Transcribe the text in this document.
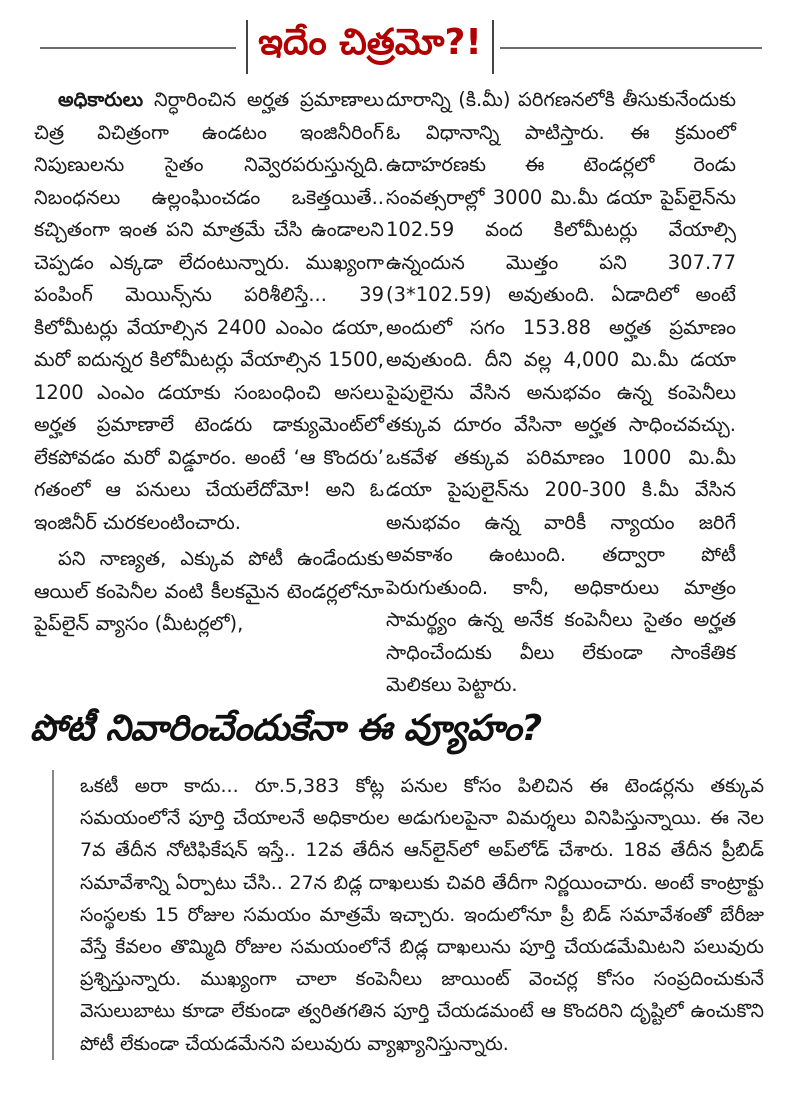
ఇదేం చిత్రమో?!

అధికారులు నిర్ధారించిన అర్హత ప్రమాణాలు చిత్ర విచిత్రంగా ఉండటం ఇంజినీరింగ్ నిపుణులను సైతం నివ్వెరపరుస్తున్నది. నిబంధనలు ఉల్లంఘించడం ఒకెత్తయితే.. కచ్చితంగా ఇంత పని మాత్రమే చేసి ఉండాలని చెప్పడం ఎక్కడా లేదంటున్నారు. ముఖ్యంగా పంపింగ్ మెయిన్స్‌ను పరిశీలిస్తే... 39 కిలోమీటర్లు వేయాల్సిన 2400 ఎంఎం డయా, మరో ఐదున్నర కిలోమీటర్లు వేయాల్సిన 1500, 1200 ఎంఎం డయాకు సంబంధించి అసలు అర్హత ప్రమాణాలే టెండరు డాక్యుమెంట్‌లో లేకపోవడం మరో విడ్డూరం. అంటే ‘ఆ కొందరు’ గతంలో ఆ పనులు చేయలేదోమో! అని ఓ ఇంజినీర్ చురకలంటించారు.

పని నాణ్యత, ఎక్కువ పోటీ ఉండేందుకు ఆయిల్ కంపెనీల వంటి కీలకమైన టెండర్లలోనూ పైప్‌లైన్ వ్యాసం (మీటర్లలో),

దూరాన్ని (కి.మీ) పరిగణనలోకి తీసుకునేందుకు ఓ విధానాన్ని పాటిస్తారు. ఈ క్రమంలో ఉదాహరణకు ఈ టెండర్లలో రెండు సంవత్సరాల్లో 3000 మి.మీ డయా పైప్‌లైన్‌ను 102.59 వంద కిలోమీటర్లు వేయాల్సి ఉన్నందున మొత్తం పని 307.77 (3*102.59) అవుతుంది. ఏడాదిలో అంటే అందులో సగం 153.88 అర్హత ప్రమాణం అవుతుంది. దీని వల్ల 4,000 మి.మీ డయా పైపులైను వేసిన అనుభవం ఉన్న కంపెనీలు తక్కువ దూరం వేసినా అర్హత సాధించవచ్చు. ఒకవేళ తక్కువ పరిమాణం 1000 మి.మీ డయా పైపులైన్‌ను 200-300 కి.మీ వేసిన అనుభవం ఉన్న వారికీ న్యాయం జరిగే అవకాశం ఉంటుంది. తద్వారా పోటీ పెరుగుతుంది. కానీ, అధికారులు మాత్రం సామర్థ్యం ఉన్న అనేక కంపెనీలు సైతం అర్హత సాధించేందుకు వీలు లేకుండా సాంకేతిక మెలికలు పెట్టారు.

పోటీ నివారించేందుకేనా ఈ వ్యూహం?

ఒకటీ అరా కాదు... రూ.5,383 కోట్ల పనుల కోసం పిలిచిన ఈ టెండర్లను తక్కువ సమయంలోనే పూర్తి చేయాలనే అధికారుల అడుగులపైనా విమర్శలు వినిపిస్తున్నాయి. ఈ నెల 7వ తేదీన నోటిఫికేషన్ ఇస్తే.. 12వ తేదీన ఆన్‌లైన్‌లో అప్‌లోడ్ చేశారు. 18వ తేదీన ప్రీబిడ్ సమావేశాన్ని ఏర్పాటు చేసి.. 27న బిడ్ల దాఖలుకు చివరి తేదీగా నిర్ణయించారు. అంటే కాంట్రాక్టు సంస్థలకు 15 రోజుల సమయం మాత్రమే ఇచ్చారు. ఇందులోనూ ప్రీ బిడ్ సమావేశంతో బేరీజు వేస్తే కేవలం తొమ్మిది రోజుల సమయంలోనే బిడ్ల దాఖలును పూర్తి చేయడమేమిటని పలువురు ప్రశ్నిస్తున్నారు. ముఖ్యంగా చాలా కంపెనీలు జాయింట్ వెంచర్ల కోసం సంప్రదించుకునే వెసులుబాటు కూడా లేకుండా త్వరితగతిన పూర్తి చేయడమంటే ఆ కొందరిని దృష్టిలో ఉంచుకొని పోటీ లేకుండా చేయడమేనని పలువురు వ్యాఖ్యానిస్తున్నారు.
